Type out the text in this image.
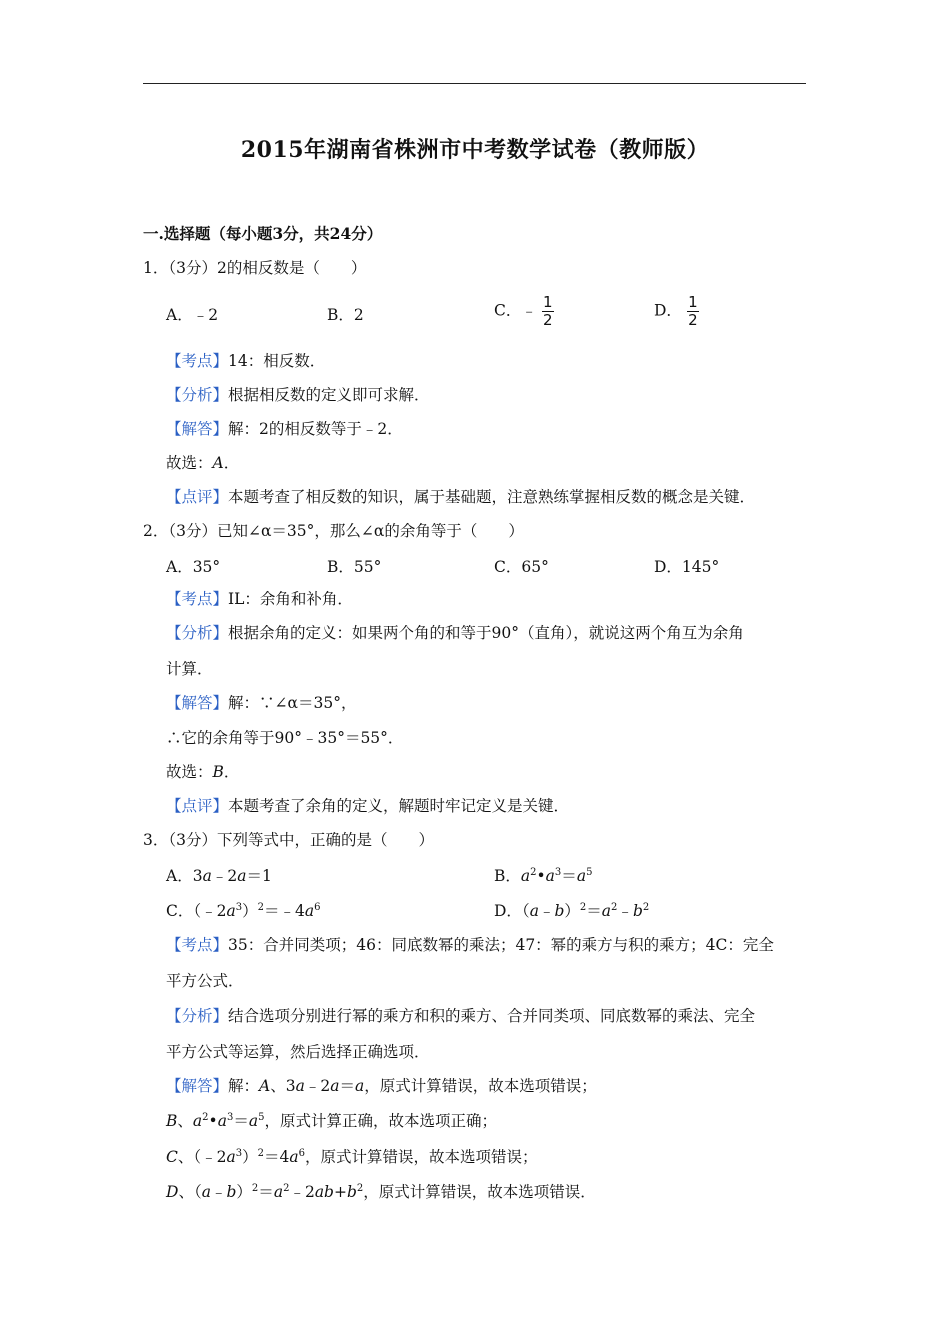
2015年湖南省株洲市中考数学试卷（教师版）
一.选择题（每小题3分，共24分）
1．（3分）2的相反数是（　　）
A．﹣2	B．2	C．﹣ $\frac{1}{2}$	D． $\frac{1}{2}$
【考点】14：相反数．
【分析】根据相反数的定义即可求解．
【解答】解：2的相反数等于﹣2．
故选：A．
【点评】本题考查了相反数的知识，属于基础题，注意熟练掌握相反数的概念是关键．
2．（3分）已知∠α＝35°，那么∠α的余角等于（　　）
A．35°	B．55°	C．65°	D．145°
【考点】IL：余角和补角．
【分析】根据余角的定义：如果两个角的和等于90°（直角），就说这两个角互为余角
计算．
【解答】解：∵∠α＝35°，
∴它的余角等于90°﹣35°＝55°．
故选：B．
【点评】本题考查了余角的定义，解题时牢记定义是关键．
3．（3分）下列等式中，正确的是（　　）
A．3a﹣2a＝1	B．$a^2•a^3=a^5$
C．$(﹣2a^3)^2=﹣4a^6$	D．$(a﹣b)^2=a^2﹣b^2$
【考点】35：合并同类项；46：同底数幂的乘法；47：幂的乘方与积的乘方；4C：完全
平方公式．
【分析】结合选项分别进行幂的乘方和积的乘方、合并同类项、同底数幂的乘法、完全
平方公式等运算，然后选择正确选项．
【解答】解：A、3a﹣2a＝a，原式计算错误，故本选项错误；
B、$a^2•a^3=a^5$，原式计算正确，故本选项正确；
C、$(﹣2a^3)^2=4a^6$，原式计算错误，故本选项错误；
D、$(a﹣b)^2=a^2﹣2ab+b^2$，原式计算错误，故本选项错误．
